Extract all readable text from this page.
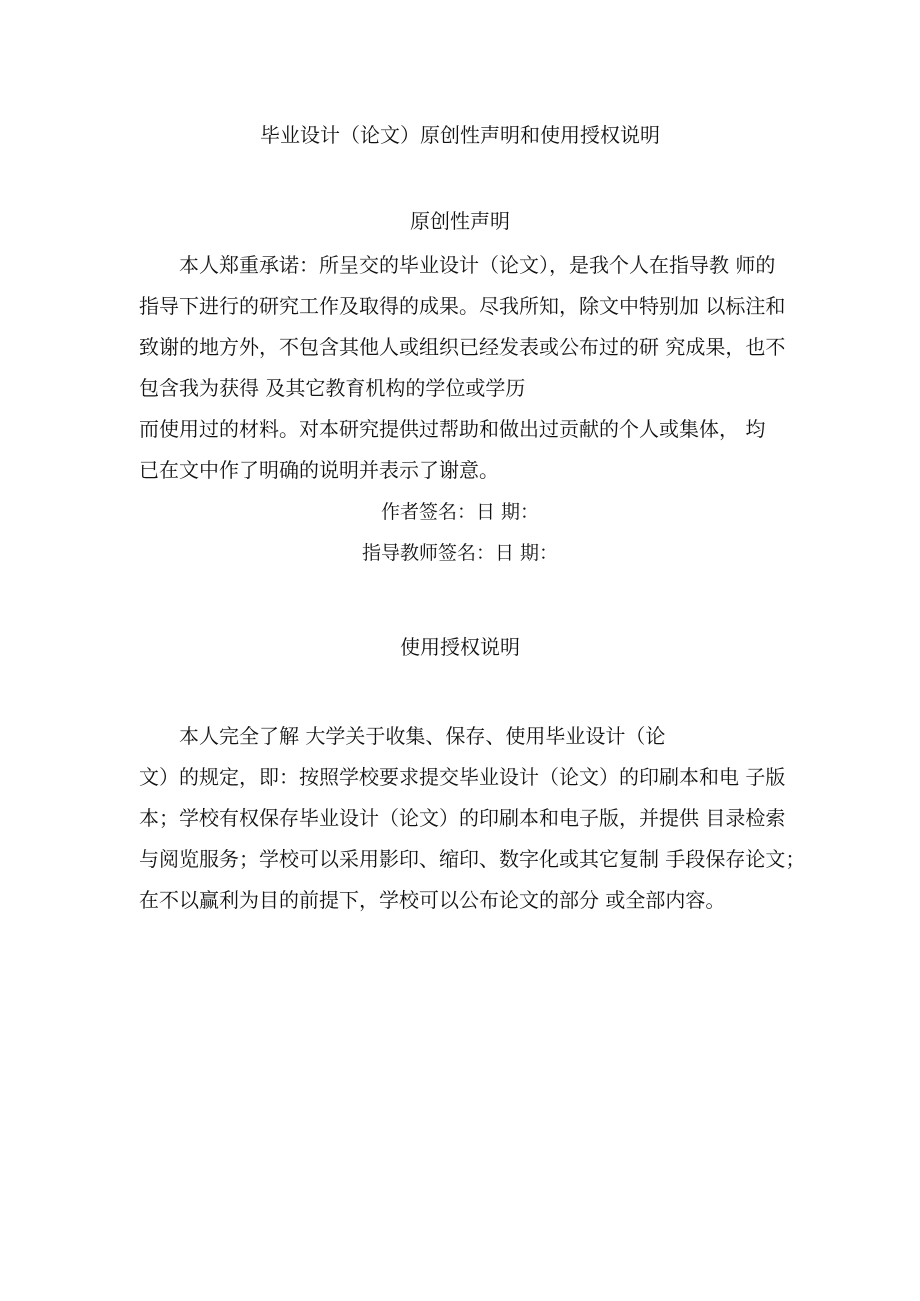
毕业设计（论文）原创性声明和使用授权说明
原创性声明
本人郑重承诺：所呈交的毕业设计（论文），是我个人在指导教 师的
指导下进行的研究工作及取得的成果。尽我所知，除文中特别加 以标注和
致谢的地方外，不包含其他人或组织已经发表或公布过的研 究成果，也不
包含我为获得 及其它教育机构的学位或学历
而使用过的材料。对本研究提供过帮助和做出过贡献的个人或集体， 均
已在文中作了明确的说明并表示了谢意。
作者签名：日 期：
指导教师签名：日 期：
使用授权说明
本人完全了解 大学关于收集、保存、使用毕业设计（论
文）的规定，即：按照学校要求提交毕业设计（论文）的印刷本和电 子版
本；学校有权保存毕业设计（论文）的印刷本和电子版，并提供 目录检索
与阅览服务；学校可以采用影印、缩印、数字化或其它复制 手段保存论文；
在不以赢利为目的前提下，学校可以公布论文的部分 或全部内容。
